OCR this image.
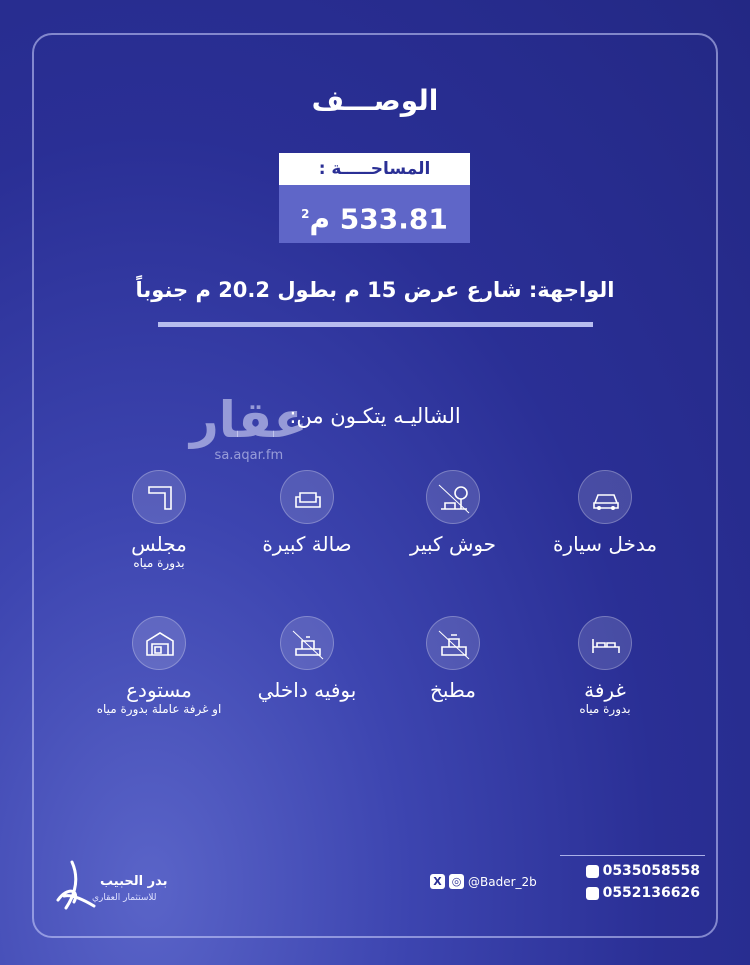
الوصـــف
المساحـــــة :
533.81 م$^2$
الواجهة: شارع عرض 15 م بطول 20.2 م جنوباً
عقار
sa.aqar.fm
الشاليـه يتكـون من:
مدخل سيارة
حوش كبير
صالة كبيرة
مجلس
بدورة مياه
غرفة
بدورة مياه
مطبخ
بوفيه داخلي
مستودع
او غرفة عاملة بدورة مياه
بدر الحبيب
للاستثمار العقاري
X ◎ @Bader_2b
0535058558
0552136626
